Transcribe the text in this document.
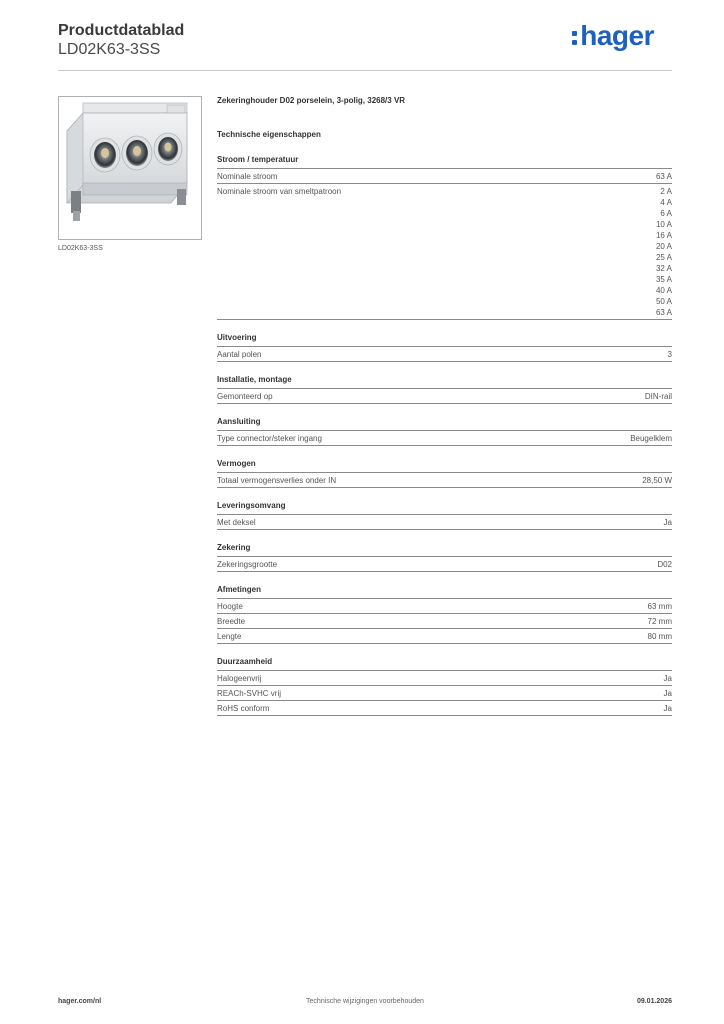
Productdatablad
LD02K63-3SS	hager
LD02K63-3SS
Zekeringhouder D02 porselein, 3-polig, 3268/3 VR
Technische eigenschappen
Stroom / temperatuur
Nominale stroom	63 A
Nominale stroom van smeltpatroon	2 A
4 A
6 A
10 A
16 A
20 A
25 A
32 A
35 A
40 A
50 A
63 A
Uitvoering
Aantal polen	3
Installatie, montage
Gemonteerd op	DIN-rail
Aansluiting
Type connector/steker ingang	Beugelklem
Vermogen
Totaal vermogensverlies onder IN	28,50 W
Leveringsomvang
Met deksel	Ja
Zekering
Zekeringsgrootte	D02
Afmetingen
Hoogte	63 mm
Breedte	72 mm
Lengte	80 mm
Duurzaamheid
Halogeenvrij	Ja
REACh-SVHC vrij	Ja
RoHS conform	Ja
hager.com/nl	Technische wijzigingen voorbehouden	09.01.2026
